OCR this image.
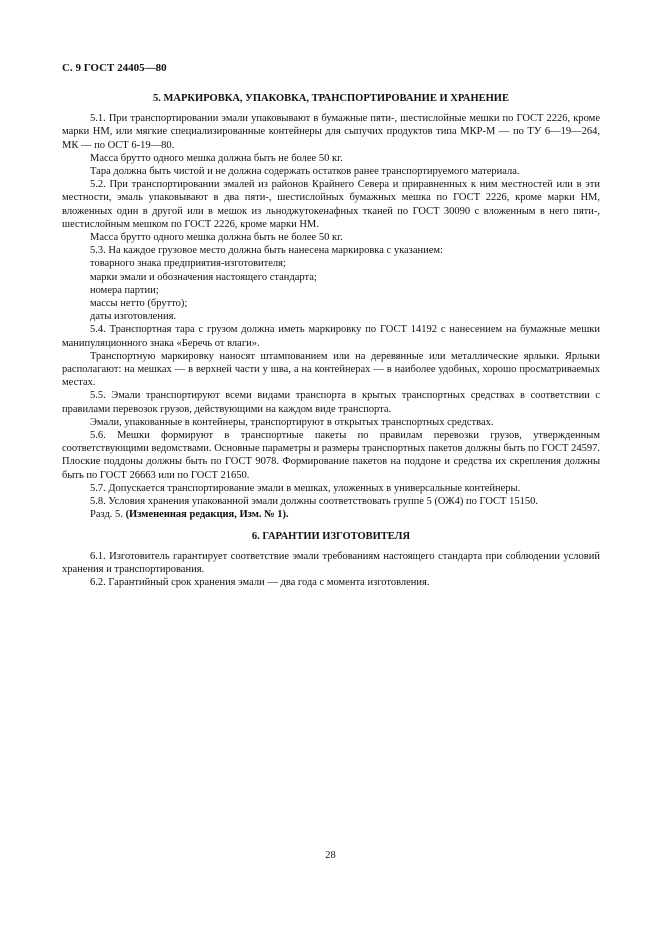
С. 9 ГОСТ 24405—80
5. МАРКИРОВКА, УПАКОВКА, ТРАНСПОРТИРОВАНИЕ И ХРАНЕНИЕ

5.1. При транспортировании эмали упаковывают в бумажные пяти-, шестислойные мешки по ГОСТ 2226, кроме марки НМ, или мягкие специализированные контейнеры для сыпучих продуктов типа МКР-М — по ТУ 6—19—264, МК — по ОСТ 6-19—80.

Масса брутто одного мешка должна быть не более 50 кг.

Тара должна быть чистой и не должна содержать остатков ранее транспортируемого материала.

5.2. При транспортировании эмалей из районов Крайнего Севера и приравненных к ним местностей или в эти местности, эмаль упаковывают в два пяти-, шестислойных бумажных мешка по ГОСТ 2226, кроме марки НМ, вложенных один в другой или в мешок из льноджутокенафных тканей по ГОСТ 30090 с вложенным в него пяти-, шестислойным мешком по ГОСТ 2226, кроме марки НМ.

Масса брутто одного мешка должна быть не более 50 кг.

5.3. На каждое грузовое место должна быть нанесена маркировка с указанием:

товарного знака предприятия-изготовителя;

марки эмали и обозначения настоящего стандарта;

номера партии;

массы нетто (брутто);

даты изготовления.

5.4. Транспортная тара с грузом должна иметь маркировку по ГОСТ 14192 с нанесением на бумажные мешки манипуляционного знака «Беречь от влаги».

Транспортную маркировку наносят штампованием или на деревянные или металлические ярлыки. Ярлыки располагают: на мешках — в верхней части у шва, а на контейнерах — в наиболее удобных, хорошо просматриваемых местах.

5.5. Эмали транспортируют всеми видами транспорта в крытых транспортных средствах в соответствии с правилами перевозок грузов, действующими на каждом виде транспорта.

Эмали, упакованные в контейнеры, транспортируют в открытых транспортных средствах.

5.6. Мешки формируют в транспортные пакеты по правилам перевозки грузов, утвержденным соответствующими ведомствами. Основные параметры и размеры транспортных пакетов должны быть по ГОСТ 24597. Плоские поддоны должны быть по ГОСТ 9078. Формирование пакетов на поддоне и средства их скрепления должны быть по ГОСТ 26663 или по ГОСТ 21650.

5.7. Допускается транспортирование эмали в мешках, уложенных в универсальные контейнеры.

5.8. Условия хранения упакованной эмали должны соответствовать группе 5 (ОЖ4) по ГОСТ 15150.

Разд. 5. (Измененная редакция, Изм. № 1).

6. ГАРАНТИИ ИЗГОТОВИТЕЛЯ

6.1. Изготовитель гарантирует соответствие эмали требованиям настоящего стандарта при соблюдении условий хранения и транспортирования.

6.2. Гарантийный срок хранения эмали — два года с момента изготовления.

28
